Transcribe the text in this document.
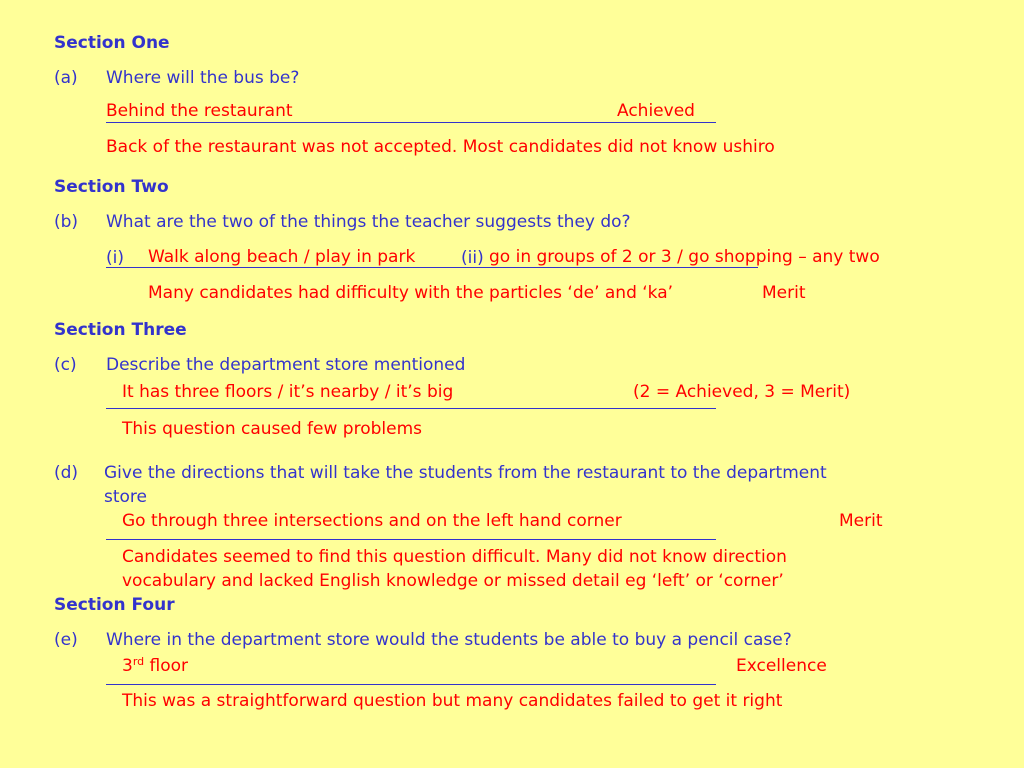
Section One
(a) Where will the bus be?
Behind the restaurant	Achieved
Back of the restaurant was not accepted. Most candidates did not know ushiro
Section Two
(b) What are the two of the things the teacher suggests they do?
(i) Walk along beach / play in park	(ii) go in groups of 2 or 3 / go shopping – any two
Many candidates had difficulty with the particles ‘de’ and ‘ka’	Merit
Section Three
(c) Describe the department store mentioned
It has three floors / it’s nearby / it’s big	(2 = Achieved, 3 = Merit)
This question caused few problems
(d) Give the directions that will take the students from the restaurant to the department
store
Go through three intersections and on the left hand corner	Merit
Candidates seemed to find this question difficult. Many did not know direction
vocabulary and lacked English knowledge or missed detail eg ‘left’ or ‘corner’
Section Four
(e) Where in the department store would the students be able to buy a pencil case?
3rd floor	Excellence
This was a straightforward question but many candidates failed to get it right
